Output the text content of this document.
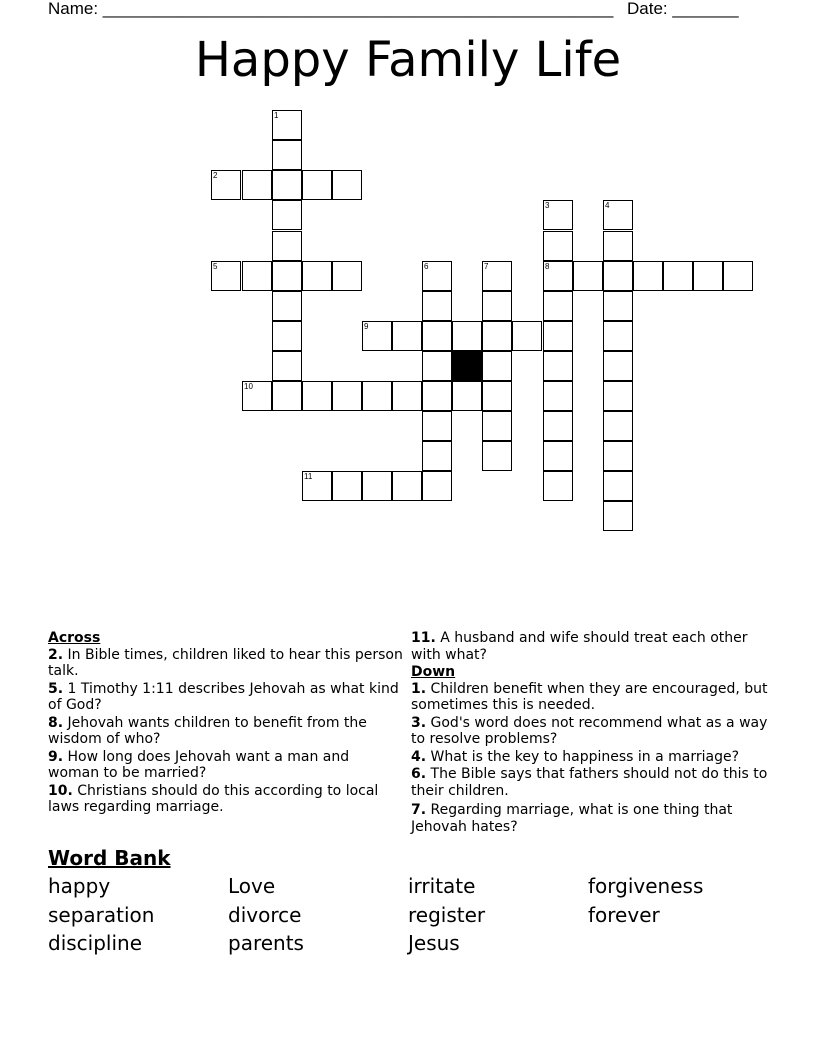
Name: ______________________________________________________ Date: _______
Happy Family Life
1
2
3	4
5	6	7	8
9
10
11
Across
2. In Bible times, children liked to hear this person talk.
5. 1 Timothy 1:11 describes Jehovah as what kind of God?
8. Jehovah wants children to benefit from the wisdom of who?
9. How long does Jehovah want a man and woman to be married?
10. Christians should do this according to local laws regarding marriage.
11. A husband and wife should treat each other with what?
Down
1. Children benefit when they are encouraged, but sometimes this is needed.
3. God's word does not recommend what as a way to resolve problems?
4. What is the key to happiness in a marriage?
6. The Bible says that fathers should not do this to their children.
7. Regarding marriage, what is one thing that Jehovah hates?
Word Bank
happy	Love	irritate	forgiveness
separation	divorce	register	forever
discipline	parents	Jesus
